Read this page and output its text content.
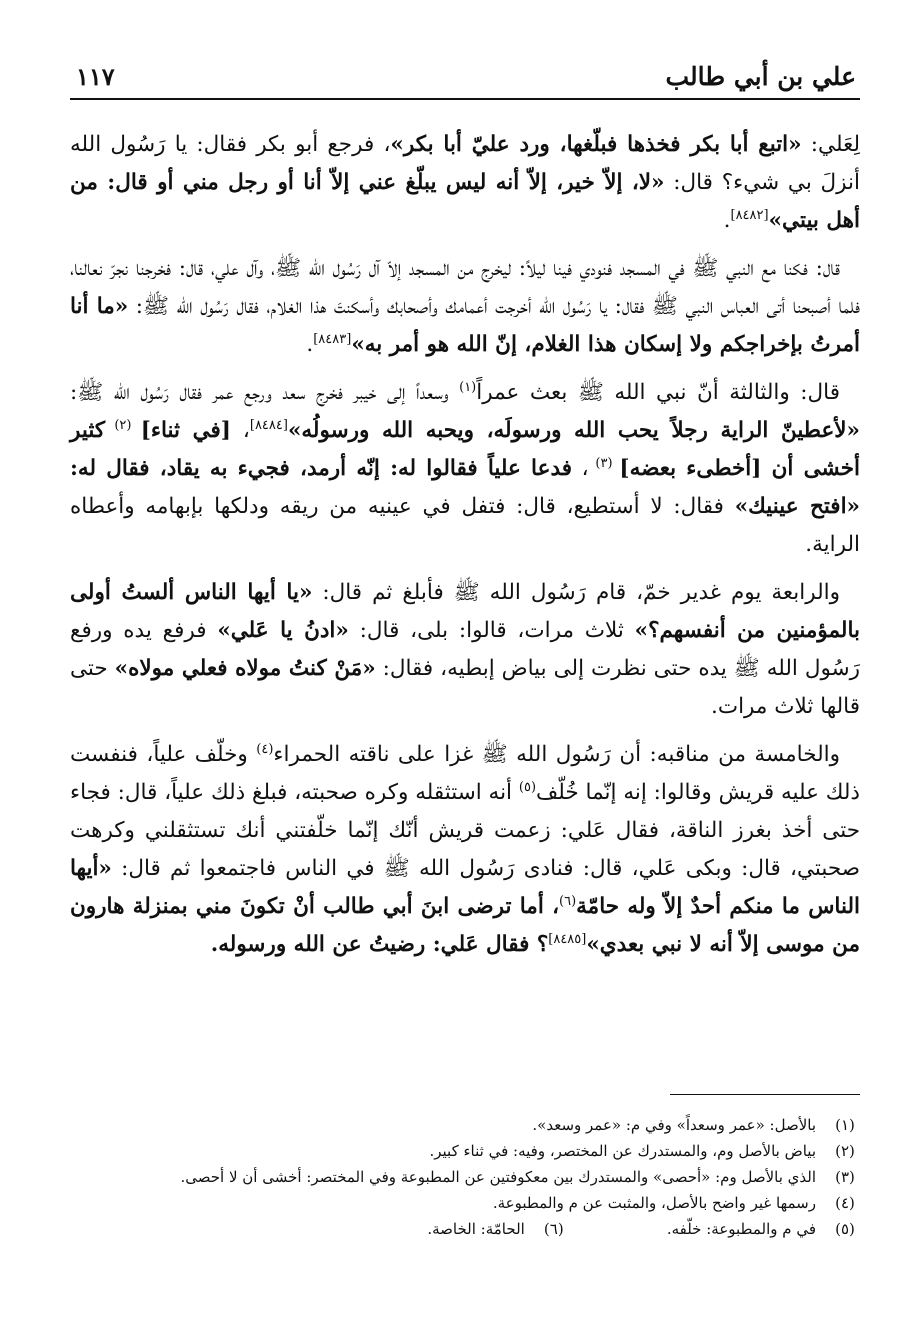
علي بن أبي طالب
١١٧

لِعَلي: «اتبع أبا بكر فخذها فبلّغها، ورد عليّ أبا بكر»، فرجع أبو بكر فقال: يا رَسُول الله أنزلَ بي شيء؟ قال: «لا، إلاّ خير، إلاّ أنه ليس يبلّغ عني إلاّ أنا أو رجل مني أو قال: من أهل بيتي»[٨٤٨٢].

قال: فكنا مع النبي ﷺ في المسجد فنودي فينا ليلاً: ليخرج من المسجد إلاّ آل رَسُول الله ﷺ، وآل علي، قال: فخرجنا نجرّ نعالنا، فلما أصبحنا أتى العباس النبي ﷺ فقال: يا رَسُول الله أخرجت أعمامك وأصحابك وأسكنتَ هذا الغلام، فقال رَسُول الله ﷺ: «ما أنا أمرتُ بإخراجكم ولا إسكان هذا الغلام، إنّ الله هو أمر به»[٨٤٨٣].

قال: والثالثة أنّ نبي الله ﷺ بعث عمراً$^{(١)}$ وسعداً إلى خيبر فخرج سعد ورجع عمر فقال رَسُول الله ﷺ: «لأعطينّ الراية رجلاً يحب الله ورسولَه، ويحبه الله ورسولُه»[٨٤٨٤]، [في ثناء] $^{(٢)}$ كثير أخشى أن [أخطىء بعضه] $^{(٣)}$ ، فدعا علياً فقالوا له: إنّه أرمد، فجيء به يقاد، فقال له: «افتح عينيك» فقال: لا أستطيع، قال: فتفل في عينيه من ريقه ودلكها بإبهامه وأعطاه الراية.

والرابعة يوم غدير خمّ، قام رَسُول الله ﷺ فأبلغ ثم قال: «يا أيها الناس ألستُ أولى بالمؤمنين من أنفسهم؟» ثلاث مرات، قالوا: بلى، قال: «ادنُ يا عَلي» فرفع يده ورفع رَسُول الله ﷺ يده حتى نظرت إلى بياض إبطيه، فقال: «مَنْ كنتُ مولاه فعلي مولاه» حتى قالها ثلاث مرات.

والخامسة من مناقبه: أن رَسُول الله ﷺ غزا على ناقته الحمراء$^{(٤)}$ وخلّف علياً، فنفست ذلك عليه قريش وقالوا: إنه إنّما خُلّف$^{(٥)}$ أنه استثقله وكره صحبته، فبلغ ذلك علياً، قال: فجاء حتى أخذ بغرز الناقة، فقال عَلي: زعمت قريش أنّك إنّما خلّفتني أنك تستثقلني وكرهت صحبتي، قال: وبكى عَلي، قال: فنادى رَسُول الله ﷺ في الناس فاجتمعوا ثم قال: «أيها الناس ما منكم أحدٌ إلاّ وله حامّة$^{(٦)}$، أما ترضى ابنَ أبي طالب أنْ تكونَ مني بمنزلة هارون من موسى إلاّ أنه لا نبي بعدي»[٨٤٨٥]؟ فقال عَلي: رضيتُ عن الله ورسوله.

(١)
بالأصل: «عمر وسعداً» وفي م: «عمر وسعد».
(٢)
بياض بالأصل وم، والمستدرك عن المختصر، وفيه: في ثناء كبير.
(٣)
الذي بالأصل وم: «أحصى» والمستدرك بين معكوفتين عن المطبوعة وفي المختصر: أخشى أن لا أحصى.
(٤)
رسمها غير واضح بالأصل، والمثبت عن م والمطبوعة.
(٥)
في م والمطبوعة: خلّفه.
(٦)
الحامّة: الخاصة.
